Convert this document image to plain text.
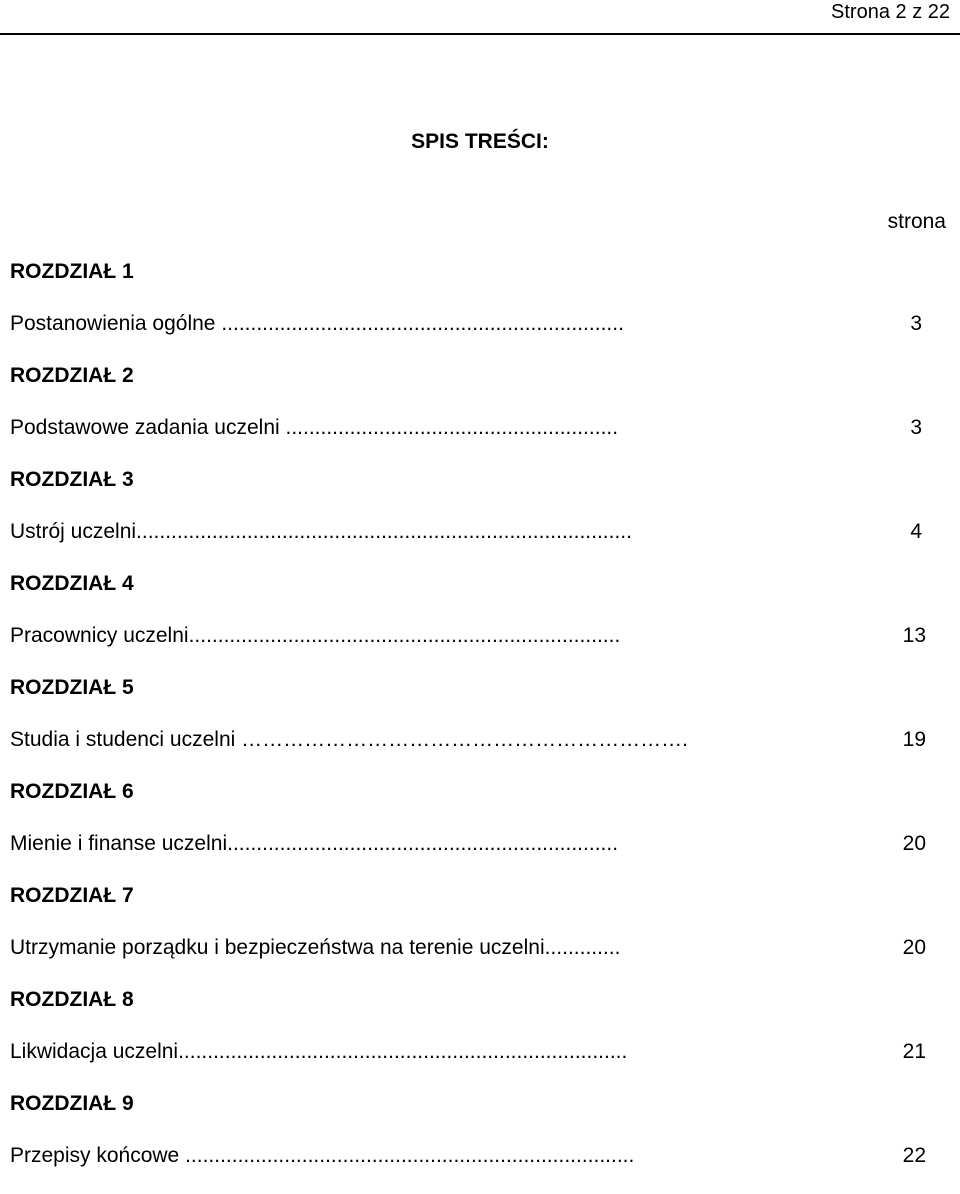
Strona 2 z 22
SPIS TREŚCI:
strona
ROZDZIAŁ 1
Postanowienia ogólne .....................................................................	3
ROZDZIAŁ 2
Podstawowe zadania uczelni .........................................................	3
ROZDZIAŁ 3
Ustrój uczelni.....................................................................................	4
ROZDZIAŁ 4
Pracownicy uczelni..........................................................................	13
ROZDZIAŁ 5
Studia i studenci uczelni ……………………………………………………….	19
ROZDZIAŁ 6
Mienie i finanse uczelni...................................................................	20
ROZDZIAŁ 7
Utrzymanie porządku i bezpieczeństwa na terenie uczelni.............	20
ROZDZIAŁ 8
Likwidacja uczelni.............................................................................	21
ROZDZIAŁ 9
Przepisy końcowe .............................................................................	22
